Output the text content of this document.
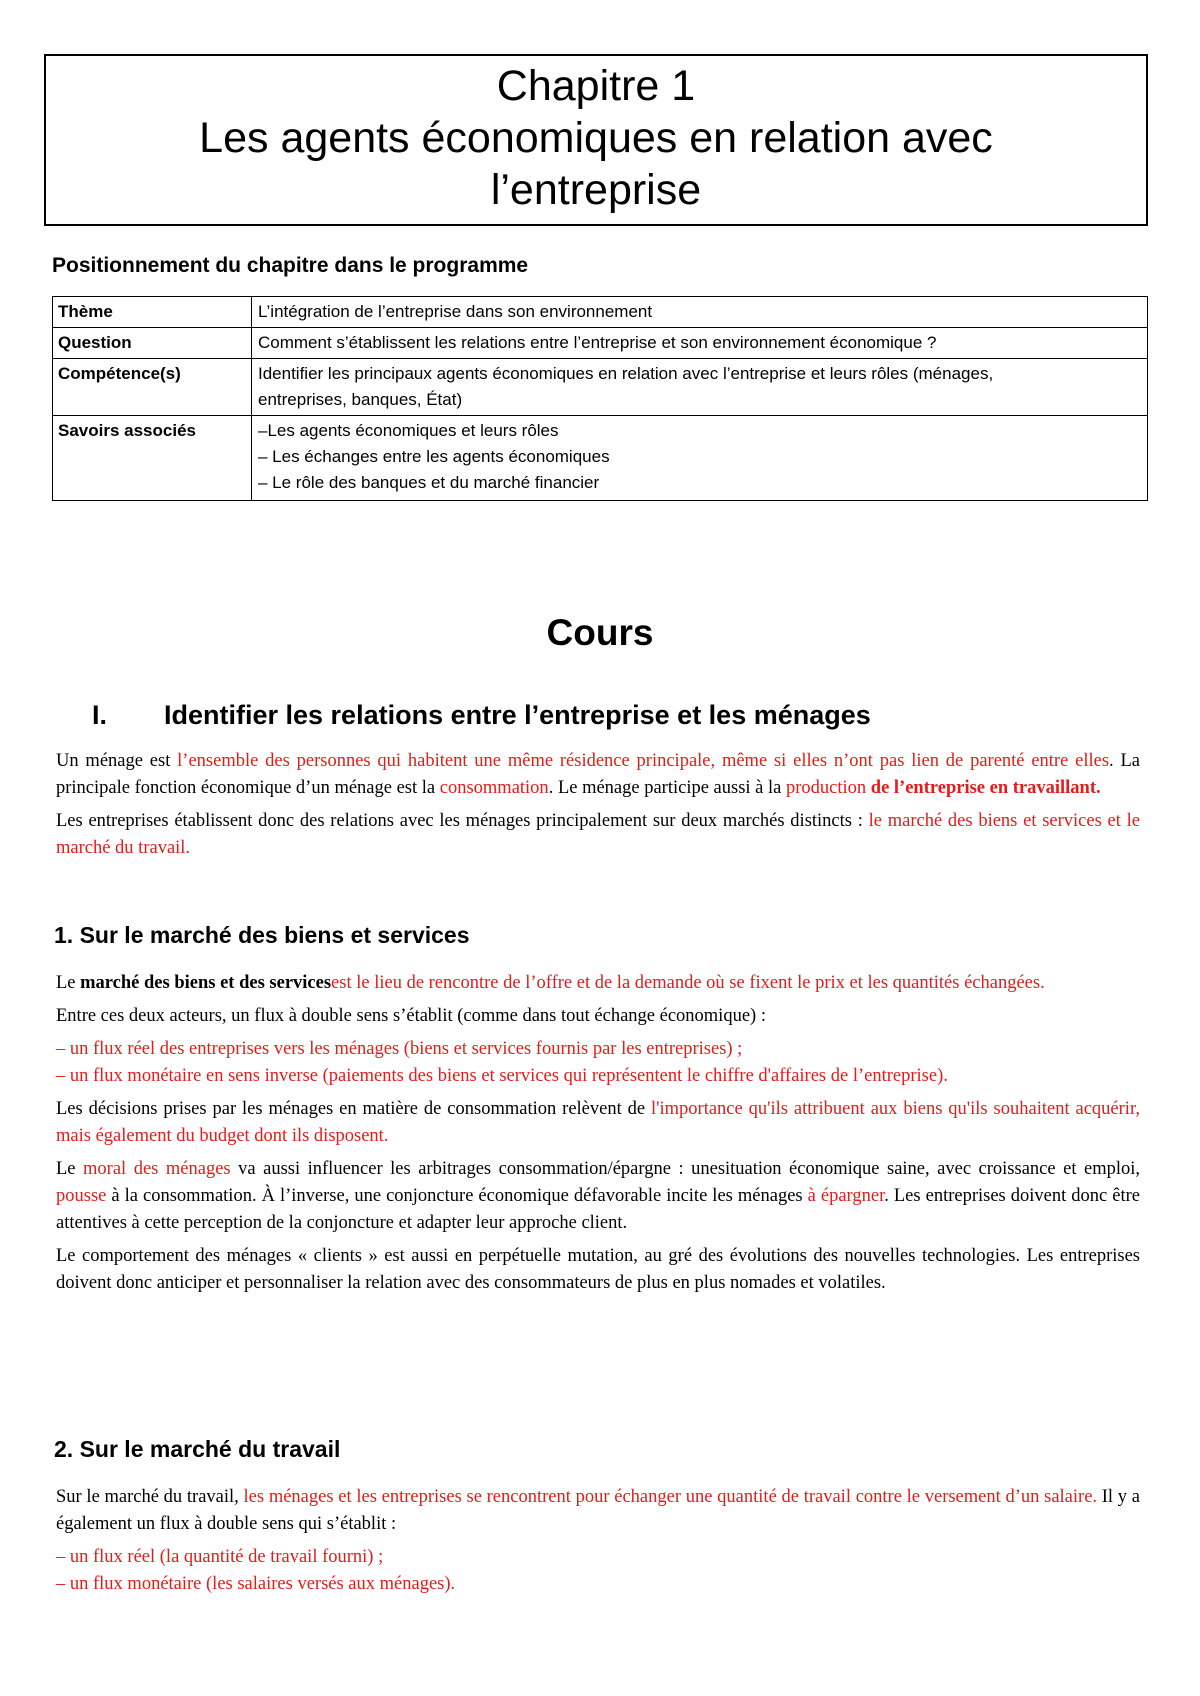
Chapitre 1
Les agents économiques en relation avec
l’entreprise
Positionnement du chapitre dans le programme
Thème	L’intégration de l’entreprise dans son environnement
Question	Comment s’établissent les relations entre l’entreprise et son environnement économique ?
Compétence(s)	Identifier les principaux agents économiques en relation avec l’entreprise et leurs rôles (ménages,
entreprises, banques, État)

Savoirs associés	–Les agents économiques et leurs rôles
– Les échanges entre les agents économiques
– Le rôle des banques et du marché financier
Cours
I. Identifier les relations entre l’entreprise et les ménages

Un ménage est l’ensemble des personnes qui habitent une même résidence principale, même si elles n’ont pas lien de parenté entre elles. La principale fonction économique d’un ménage est la consommation. Le ménage participe aussi à la production de l’entreprise en travaillant.

Les entreprises établissent donc des relations avec les ménages principalement sur deux marchés distincts : le marché des biens et services et le marché du travail.

1. Sur le marché des biens et services

Le marché des biens et des servicesest le lieu de rencontre de l’offre et de la demande où se fixent le prix et les quantités échangées.

Entre ces deux acteurs, un flux à double sens s’établit (comme dans tout échange économique) :

– un flux réel des entreprises vers les ménages (biens et services fournis par les entreprises) ;
– un flux monétaire en sens inverse (paiements des biens et services qui représentent le chiffre d'affaires de l’entreprise).

Les décisions prises par les ménages en matière de consommation relèvent de l'importance qu'ils attribuent aux biens qu'ils souhaitent acquérir, mais également du budget dont ils disposent.

Le moral des ménages va aussi influencer les arbitrages consommation/épargne : unesituation économique saine, avec croissance et emploi, pousse à la consommation. À l’inverse, une conjoncture économique défavorable incite les ménages à épargner. Les entreprises doivent donc être attentives à cette perception de la conjoncture et adapter leur approche client.

Le comportement des ménages « clients » est aussi en perpétuelle mutation, au gré des évolutions des nouvelles technologies. Les entreprises doivent donc anticiper et personnaliser la relation avec des consommateurs de plus en plus nomades et volatiles.

2. Sur le marché du travail

Sur le marché du travail, les ménages et les entreprises se rencontrent pour échanger une quantité de travail contre le versement d’un salaire. Il y a également un flux à double sens qui s’établit :

– un flux réel (la quantité de travail fourni) ;
– un flux monétaire (les salaires versés aux ménages).
